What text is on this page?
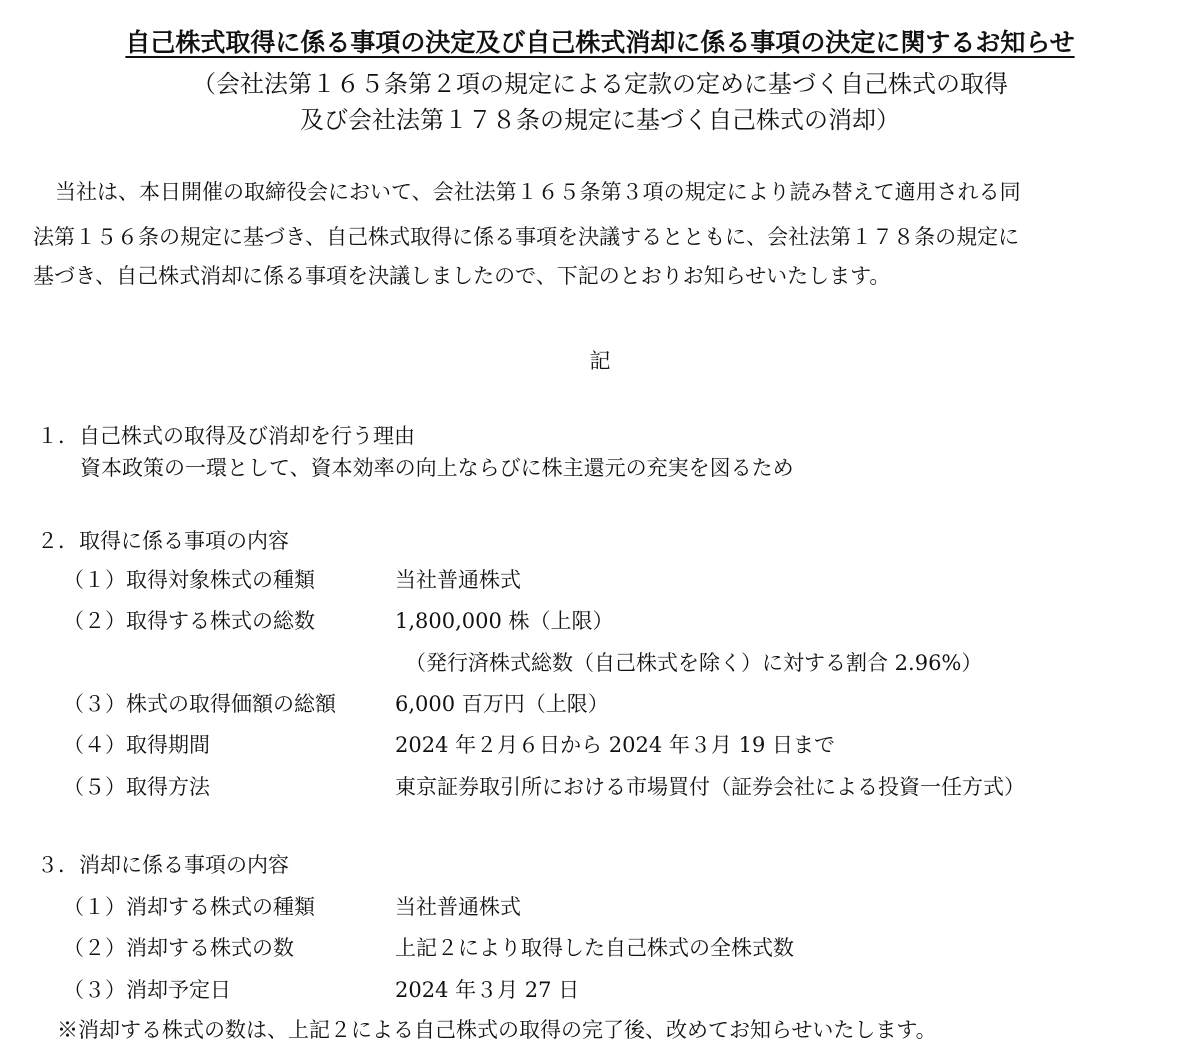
自己株式取得に係る事項の決定及び自己株式消却に係る事項の決定に関するお知らせ
（会社法第１６５条第２項の規定による定款の定めに基づく自己株式の取得
及び会社法第１７８条の規定に基づく自己株式の消却）
当社は、本日開催の取締役会において、会社法第１６５条第３項の規定により読み替えて適用される同
法第１５６条の規定に基づき、自己株式取得に係る事項を決議するとともに、会社法第１７８条の規定に
基づき、自己株式消却に係る事項を決議しましたので、下記のとおりお知らせいたします。
記
１．自己株式の取得及び消却を行う理由
資本政策の一環として、資本効率の向上ならびに株主還元の充実を図るため
２．取得に係る事項の内容
（１）取得対象株式の種類	当社普通株式
（２）取得する株式の総数	1,800,000 株（上限）
（発行済株式総数（自己株式を除く）に対する割合 2.96%）
（３）株式の取得価額の総額	6,000 百万円（上限）
（４）取得期間	2024 年２月６日から 2024 年３月 19 日まで
（５）取得方法	東京証券取引所における市場買付（証券会社による投資一任方式）
３．消却に係る事項の内容
（１）消却する株式の種類	当社普通株式
（２）消却する株式の数	上記２により取得した自己株式の全株式数
（３）消却予定日	2024 年３月 27 日
※消却する株式の数は、上記２による自己株式の取得の完了後、改めてお知らせいたします。
